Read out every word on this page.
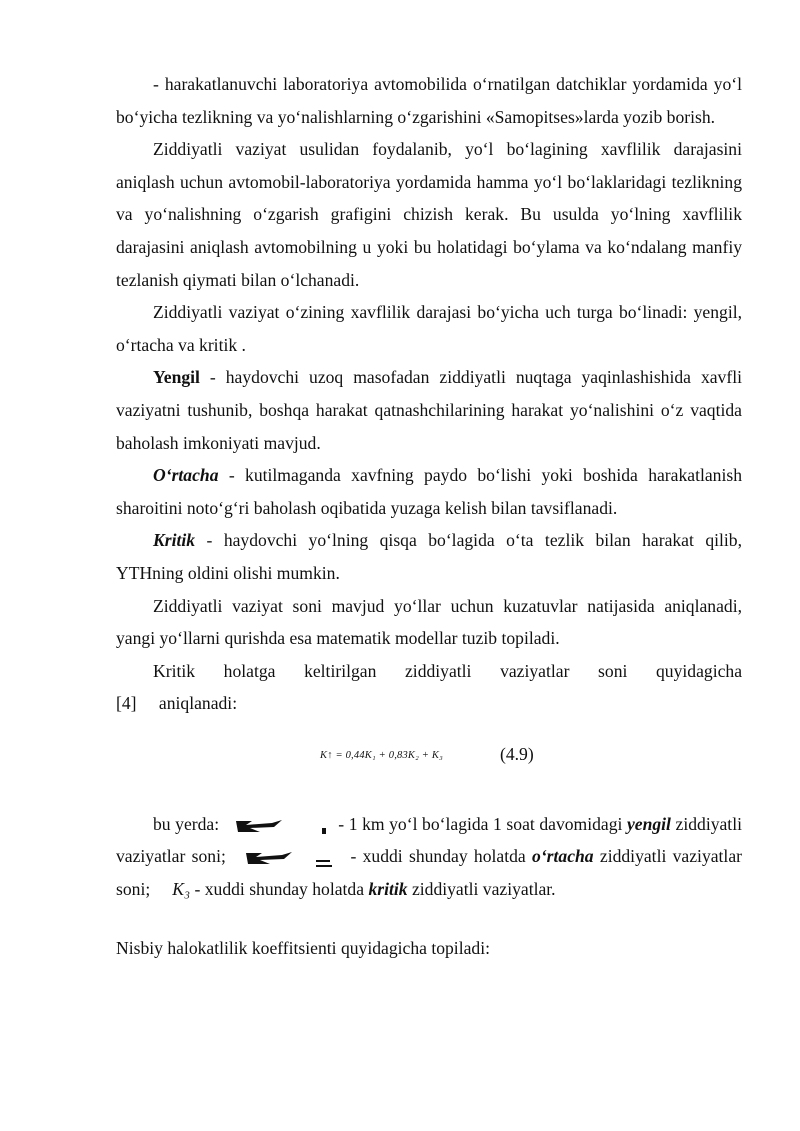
- harakatlanuvchi laboratoriya avtomobilida o‘rnatilgan datchiklar yordamida yo‘l bo‘yicha tezlikning va yo‘nalishlarning o‘zgarishini «Samopitses»larda yozib borish.

Ziddiyatli vaziyat usulidan foydalanib, yo‘l bo‘lagining xavflilik darajasini aniqlash uchun avtomobil-laboratoriya yordamida hamma yo‘l bo‘laklaridagi tezlikning va yo‘nalishning o‘zgarish grafigini chizish kerak. Bu usulda yo‘lning xavflilik darajasini aniqlash avtomobilning u yoki bu holatidagi bo‘ylama va ko‘ndalang manfiy tezlanish qiymati bilan o‘lchanadi.

Ziddiyatli vaziyat o‘zining xavflilik darajasi bo‘yicha uch turga bo‘linadi: yengil, o‘rtacha va kritik .

Yengil - haydovchi uzoq masofadan ziddiyatli nuqtaga yaqinlashishida xavfli vaziyatni tushunib, boshqa harakat qatnashchilarining harakat yo‘nalishini o‘z vaqtida baholash imkoniyati mavjud.

O‘rtacha - kutilmaganda xavfning paydo bo‘lishi yoki boshida harakatlanish sharoitini noto‘g‘ri baholash oqibatida yuzaga kelish bilan tavsiflanadi.

Kritik - haydovchi yo‘lning qisqa bo‘lagida o‘ta tezlik bilan harakat qilib, YTHning oldini olishi mumkin.

Ziddiyatli vaziyat soni mavjud yo‘llar uchun kuzatuvlar natijasida aniqlanadi, yangi yo‘llarni qurishda esa matematik modellar tuzib topiladi.

Kritik holatga keltirilgan ziddiyatli vaziyatlar soni quyidagicha [4] aniqlanadi:

K↑ = 0,44K₁ + 0,83K₂ + K₃	(4.9)

bu yerda:	- 1 km yo‘l bo‘lagida 1 soat davomidagi yengil ziddiyatli vaziyatlar soni;	- xuddi shunday holatda o‘rtacha ziddiyatli vaziyatlar soni; K₃ - xuddi shunday holatda kritik ziddiyatli vaziyatlar.

Nisbiy halokatlilik koeffitsienti quyidagicha topiladi:
